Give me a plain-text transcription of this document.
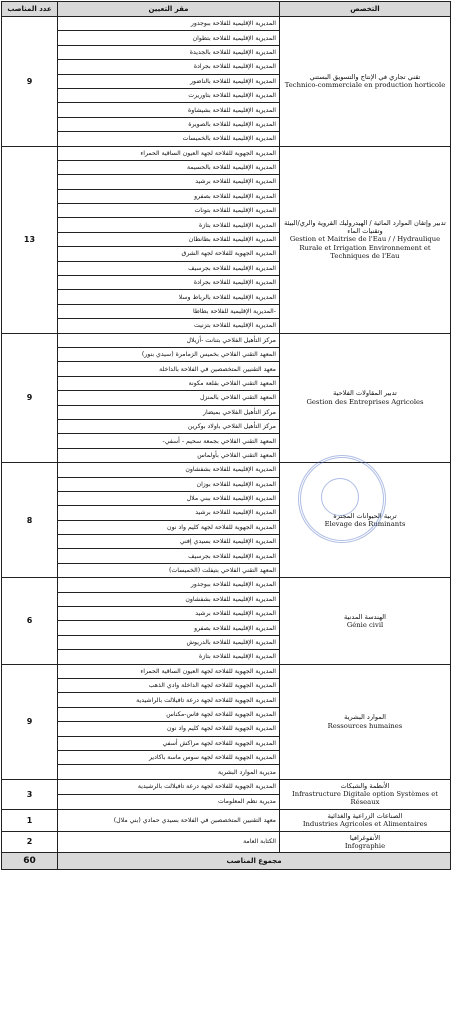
عدد المناصب	مقر التعيين	التخصص
9	المديرية الإقليمية للفلاحة ببوجدور	تقني تجاري في الإنتاج والتسويق البستني
Technico-commerciale en production horticole

	المديرية الإقليمية للفلاحة بتطوان	
	المديرية الإقليمية للفلاحة بالجديدة	
	المديرية الإقليمية للفلاحة بجرادة	
	المديرية الإقليمية للفلاحة بالناضور	
	المديرية الإقليمية للفلاحة بتاوريرت	
	المديرية الإقليمية للفلاحة بشيشاوة	
	المديرية الإقليمية للفلاحة بالصويرة	
	المديرية الإقليمية للفلاحة بالخميسات	
13	المديرية الجهوية للفلاحة لجهة العيون الساقية الحمراء	تدبير وإتقان الموارد المائية / الهيدروليك القروية والري/البيئة وتقنيات الماء
Gestion et Maitrise de l'Eau / / Hydraulique Rurale et Irrigation Environnement et Techniques de l'Eau

	المديرية الإقليمية للفلاحة بالحسيمة	
	المديرية الإقليمية للفلاحة برشيد	
	المديرية الإقليمية للفلاحة بصفرو	
	المديرية الإقليمية للفلاحة بتونات	
	المديرية الإقليمية للفلاحة بتازة	
	المديرية الإقليمية للفلاحة بطانطان	
	المديرية الجهوية للفلاحة لجهة الشرق	
	المديرية الإقليمية للفلاحة بجرسيف	
	المديرية الإقليمية للفلاحة بجرادة	
	المديرية الإقليمية للفلاحة بالرباط وسلا	
	-المديرية الإقليمية للفلاحة بطاطا	
	المديرية الإقليمية للفلاحة بتزنيت	
9	مركز التأهيل الفلاحي بتنانت -أزيلال	تدبير المقاولات الفلاحية
Gestion des Entreprises Agricoles

	المعهد التقني الفلاحي بخميس الزمامرة (سيدي بنور)	
	معهد التقنيين المتخصصين في الفلاحة بالداخلة	
	المعهد التقني الفلاحي بقلعة مكونة	
	المعهد التقني الفلاحي بالمنزل	
	مركز التأهيل الفلاحي بميضار	
	مركز التأهيل الفلاحي باولاد بوكرين	
	المعهد التقني الفلاحي بجمعة سحيم - أسفي-	
	المعهد التقني الفلاحي بأولماس	
8	المديرية الإقليمية للفلاحة بشفشاون	تربية الحيوانات المجترة
Elevage des Ruminants

	المديرية الإقليمية للفلاحة بوزان	
	المديرية الإقليمية للفلاحة ببني ملال	
	المديرية الإقليمية للفلاحة برشيد	
	المديرية الجهوية للفلاحة لجهة كليم واد نون	
	المديرية الإقليمية للفلاحة بسيدي إفني	
	المديرية الإقليمية للفلاحة بجرسيف	
	المعهد التقني الفلاحي بتيفلت (الخميسات)	
6	المديرية الإقليمية للفلاحة ببوجدور	الهندسة المدنية
Génie civil

	المديرية الإقليمية للفلاحة بشفشاون	
	المديرية الإقليمية للفلاحة برشيد	
	المديرية الإقليمية للفلاحة بصفرو	
	المديرية الإقليمية للفلاحة بالدريوش	
	المديرية الإقليمية للفلاحة بتازة	
9	المديرية الجهوية للفلاحة لجهة العيون الساقية الحمراء	الموارد البشرية
Ressources humaines

	المديرية الجهوية للفلاحة لجهة الداخلة وادي الذهب	
	المديرية الجهوية للفلاحة لجهة درعة تافيلالت بالراشيدية	
	المديرية الجهوية للفلاحة لجهة فاس-مكناس	
	المديرية الجهوية للفلاحة لجهة كليم واد نون	
	المديرية الجهوية للفلاحة لجهة مراكش أسفي	
	المديرية الجهوية للفلاحة لجهة سوس ماسة باكادير	
	مديرية الموارد البشرية	
3	المديرية الجهوية للفلاحة لجهة درعة تافيلالت بالرشيدية	الأنظمة والشبكات
Infrastructure Digitale option Systèmes et Réseaux

	مديرية نظم المعلومات	
1	معهد التقنيين المتخصصين في الفلاحة بسيدي حمادي (بني ملال)	الصناعات الزراعية والغذائية
Industries Agricoles et Alimentaires

2	الكتابة العامة	الأنفوغرافيا
Infographie

60	مجموع المناصب	
